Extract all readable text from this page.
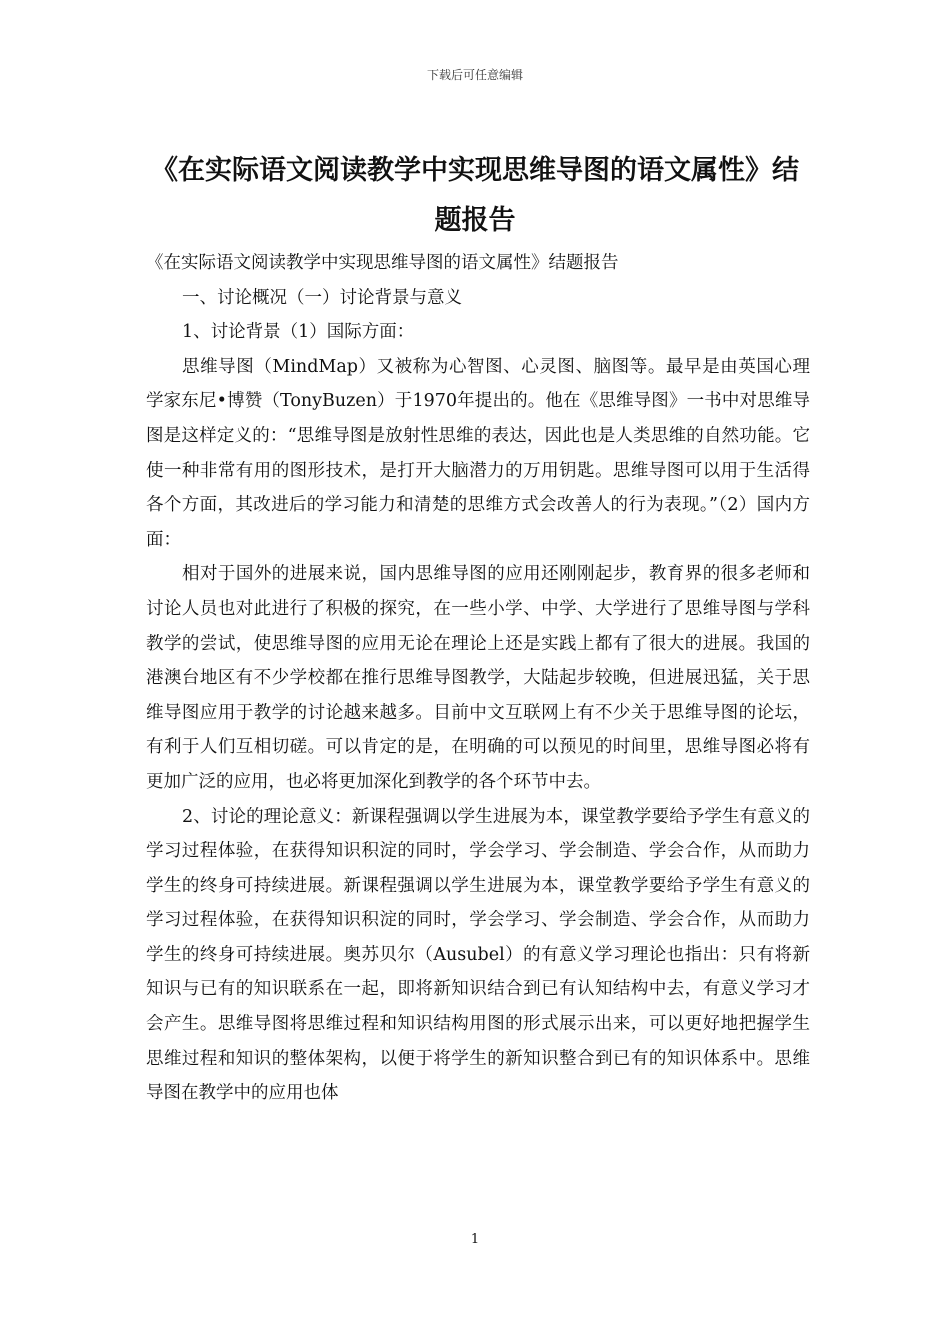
下载后可任意编辑
《在实际语文阅读教学中实现思维导图的语文属性》结题报告

《在实际语文阅读教学中实现思维导图的语文属性》结题报告

一、讨论概况（一）讨论背景与意义

1、讨论背景（1）国际方面：

思维导图（MindMap）又被称为心智图、心灵图、脑图等。最早是由英国心理学家东尼•博赞（TonyBuzen）于1970年提出的。他在《思维导图》一书中对思维导图是这样定义的：“思维导图是放射性思维的表达，因此也是人类思维的自然功能。它使一种非常有用的图形技术，是打开大脑潜力的万用钥匙。思维导图可以用于生活得各个方面，其改进后的学习能力和清楚的思维方式会改善人的行为表现。”（2）国内方面：

相对于国外的进展来说，国内思维导图的应用还刚刚起步，教育界的很多老师和讨论人员也对此进行了积极的探究，在一些小学、中学、大学进行了思维导图与学科教学的尝试，使思维导图的应用无论在理论上还是实践上都有了很大的进展。我国的港澳台地区有不少学校都在推行思维导图教学，大陆起步较晚，但进展迅猛，关于思维导图应用于教学的讨论越来越多。目前中文互联网上有不少关于思维导图的论坛，有利于人们互相切磋。可以肯定的是，在明确的可以预见的时间里，思维导图必将有更加广泛的应用，也必将更加深化到教学的各个环节中去。

2、讨论的理论意义：新课程强调以学生进展为本，课堂教学要给予学生有意义的学习过程体验，在获得知识积淀的同时，学会学习、学会制造、学会合作，从而助力学生的终身可持续进展。新课程强调以学生进展为本，课堂教学要给予学生有意义的学习过程体验，在获得知识积淀的同时，学会学习、学会制造、学会合作，从而助力学生的终身可持续进展。奥苏贝尔（Ausubel）的有意义学习理论也指出：只有将新知识与已有的知识联系在一起，即将新知识结合到已有认知结构中去，有意义学习才会产生。思维导图将思维过程和知识结构用图的形式展示出来，可以更好地把握学生思维过程和知识的整体架构，以便于将学生的新知识整合到已有的知识体系中。思维导图在教学中的应用也体

1
